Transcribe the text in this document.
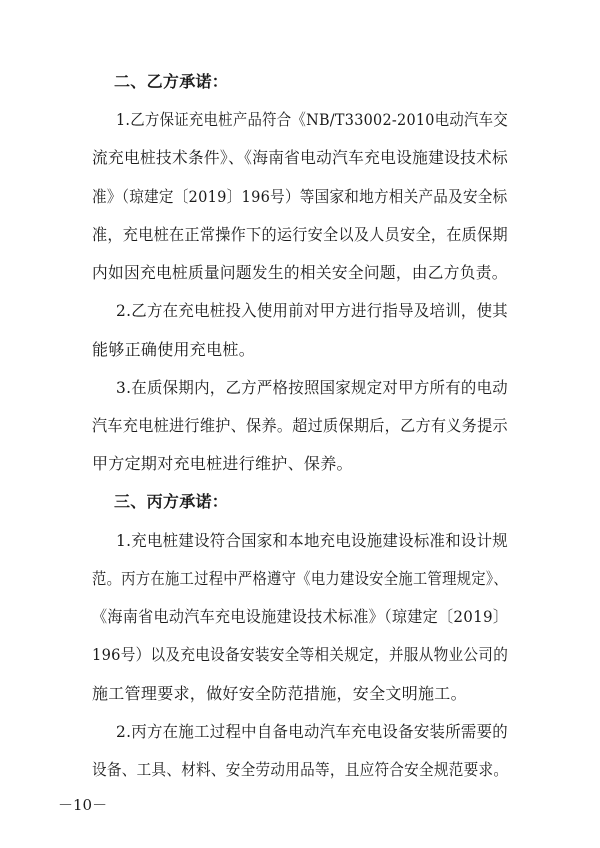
二、乙方承诺：
1.乙方保证充电桩产品符合《NB/T33002-2010电动汽车交
流充电桩技术条件》、《海南省电动汽车充电设施建设技术标
准》（琼建定〔2019〕196号）等国家和地方相关产品及安全标
准，充电桩在正常操作下的运行安全以及人员安全，在质保期
内如因充电桩质量问题发生的相关安全问题，由乙方负责。
2.乙方在充电桩投入使用前对甲方进行指导及培训，使其
能够正确使用充电桩。
3.在质保期内，乙方严格按照国家规定对甲方所有的电动
汽车充电桩进行维护、保养。超过质保期后，乙方有义务提示
甲方定期对充电桩进行维护、保养。
三、丙方承诺：
1.充电桩建设符合国家和本地充电设施建设标准和设计规
范。丙方在施工过程中严格遵守《电力建设安全施工管理规定》、
《海南省电动汽车充电设施建设技术标准》（琼建定〔2019〕
196号）以及充电设备安装安全等相关规定，并服从物业公司的
施工管理要求，做好安全防范措施，安全文明施工。
2.丙方在施工过程中自备电动汽车充电设备安装所需要的
设备、工具、材料、安全劳动用品等，且应符合安全规范要求。
－10－
